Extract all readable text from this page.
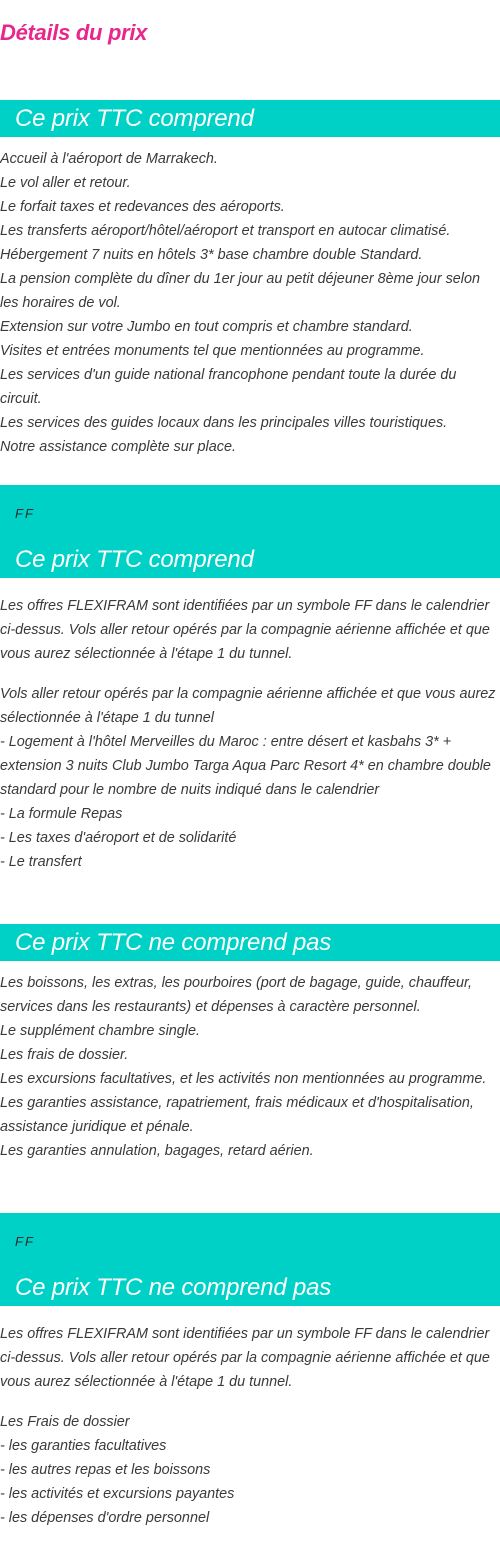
Détails du prix
Ce prix TTC comprend
Accueil à l'aéroport de Marrakech.
Le vol aller et retour.
Le forfait taxes et redevances des aéroports.
Les transferts aéroport/hôtel/aéroport et transport en autocar climatisé.
Hébergement 7 nuits en hôtels 3* base chambre double Standard.
La pension complète du dîner du 1er jour au petit déjeuner 8ème jour selon les horaires de vol.
Extension sur votre Jumbo en tout compris et chambre standard.
Visites et entrées monuments tel que mentionnées au programme.
Les services d'un guide national francophone pendant toute la durée du circuit.
Les services des guides locaux dans les principales villes touristiques.
Notre assistance complète sur place.
FF
Ce prix TTC comprend
Les offres FLEXIFRAM sont identifiées par un symbole FF dans le calendrier ci-dessus. Vols aller retour opérés par la compagnie aérienne affichée et que vous aurez sélectionnée à l'étape 1 du tunnel.
Vols aller retour opérés par la compagnie aérienne affichée et que vous aurez sélectionnée à l'étape 1 du tunnel
- Logement à l'hôtel Merveilles du Maroc : entre désert et kasbahs 3* + extension 3 nuits Club Jumbo Targa Aqua Parc Resort 4* en chambre double standard pour le nombre de nuits indiqué dans le calendrier
- La formule Repas
- Les taxes d'aéroport et de solidarité
- Le transfert
Ce prix TTC ne comprend pas
Les boissons, les extras, les pourboires (port de bagage, guide, chauffeur, services dans les restaurants) et dépenses à caractère personnel.
Le supplément chambre single.
Les frais de dossier.
Les excursions facultatives, et les activités non mentionnées au programme.
Les garanties assistance, rapatriement, frais médicaux et d'hospitalisation, assistance juridique et pénale.
Les garanties annulation, bagages, retard aérien.
FF
Ce prix TTC ne comprend pas
Les offres FLEXIFRAM sont identifiées par un symbole FF dans le calendrier ci-dessus. Vols aller retour opérés par la compagnie aérienne affichée et que vous aurez sélectionnée à l'étape 1 du tunnel.
Les Frais de dossier
- les garanties facultatives
- les autres repas et les boissons
- les activités et excursions payantes
- les dépenses d'ordre personnel
